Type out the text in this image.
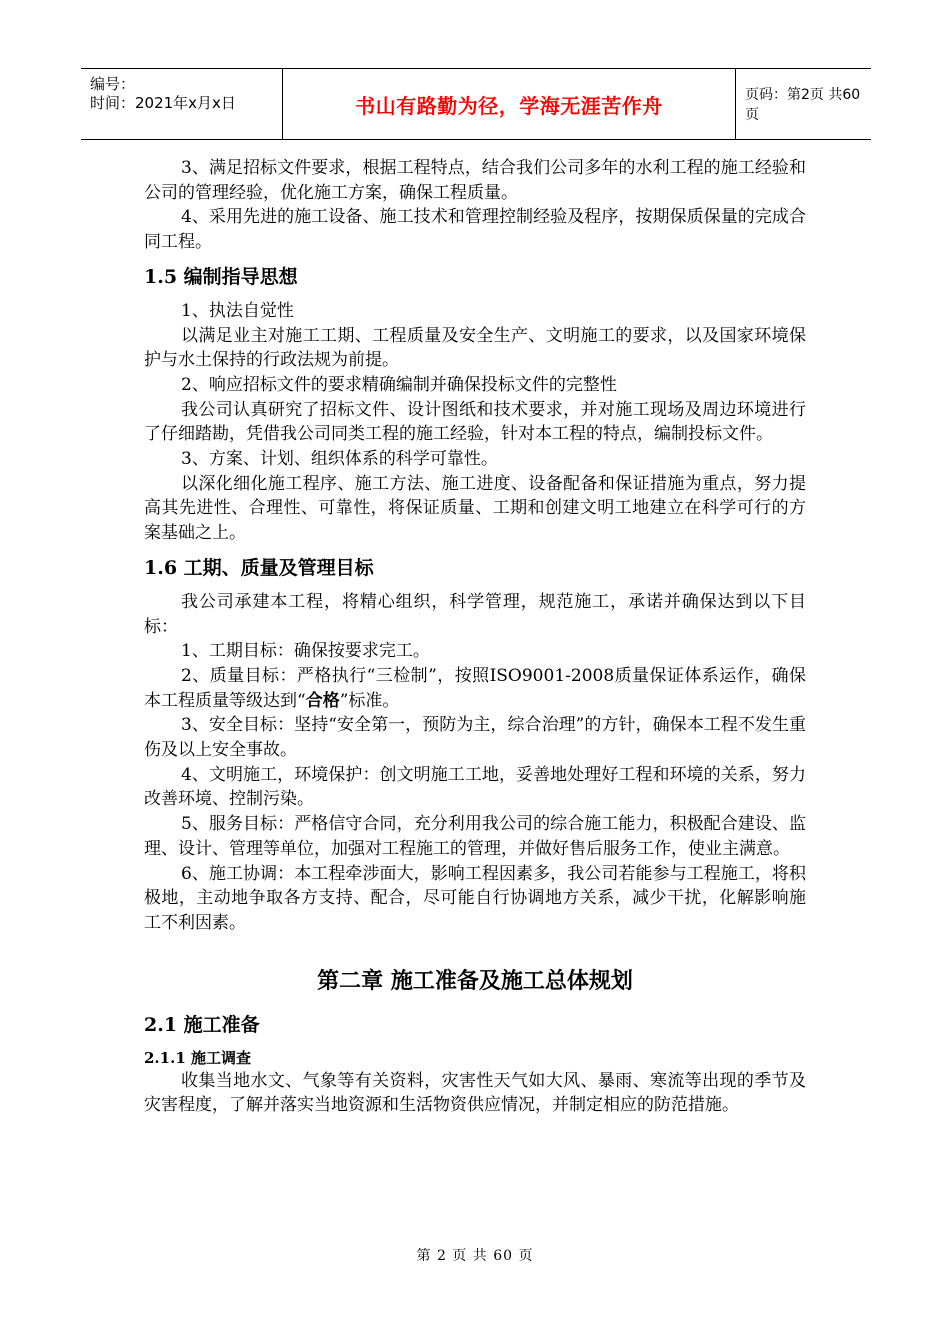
编号：
时间：2021年x月x日	书山有路勤为径，学海无涯苦作舟	页码：第2页 共60页

3、满足招标文件要求，根据工程特点，结合我们公司多年的水利工程的施工经验和公司的管理经验，优化施工方案，确保工程质量。

4、采用先进的施工设备、施工技术和管理控制经验及程序，按期保质保量的完成合同工程。

1.5 编制指导思想

1、执法自觉性

以满足业主对施工工期、工程质量及安全生产、文明施工的要求，以及国家环境保护与水土保持的行政法规为前提。

2、响应招标文件的要求精确编制并确保投标文件的完整性

我公司认真研究了招标文件、设计图纸和技术要求，并对施工现场及周边环境进行了仔细踏勘，凭借我公司同类工程的施工经验，针对本工程的特点，编制投标文件。

3、方案、计划、组织体系的科学可靠性。

以深化细化施工程序、施工方法、施工进度、设备配备和保证措施为重点，努力提高其先进性、合理性、可靠性，将保证质量、工期和创建文明工地建立在科学可行的方案基础之上。

1.6 工期、质量及管理目标

我公司承建本工程，将精心组织，科学管理，规范施工，承诺并确保达到以下目标：

1、工期目标：确保按要求完工。

2、质量目标：严格执行“三检制”，按照ISO9001-2008质量保证体系运作，确保本工程质量等级达到“合格”标准。

3、安全目标：坚持“安全第一，预防为主，综合治理”的方针，确保本工程不发生重伤及以上安全事故。

4、文明施工，环境保护：创文明施工工地，妥善地处理好工程和环境的关系，努力改善环境、控制污染。

5、服务目标：严格信守合同，充分利用我公司的综合施工能力，积极配合建设、监理、设计、管理等单位，加强对工程施工的管理，并做好售后服务工作，使业主满意。

6、施工协调：本工程牵涉面大，影响工程因素多，我公司若能参与工程施工，将积极地，主动地争取各方支持、配合，尽可能自行协调地方关系，减少干扰，化解影响施工不利因素。

第二章 施工准备及施工总体规划
2.1 施工准备
2.1.1 施工调查

收集当地水文、气象等有关资料，灾害性天气如大风、暴雨、寒流等出现的季节及灾害程度，了解并落实当地资源和生活物资供应情况，并制定相应的防范措施。

第 2 页 共 60 页
